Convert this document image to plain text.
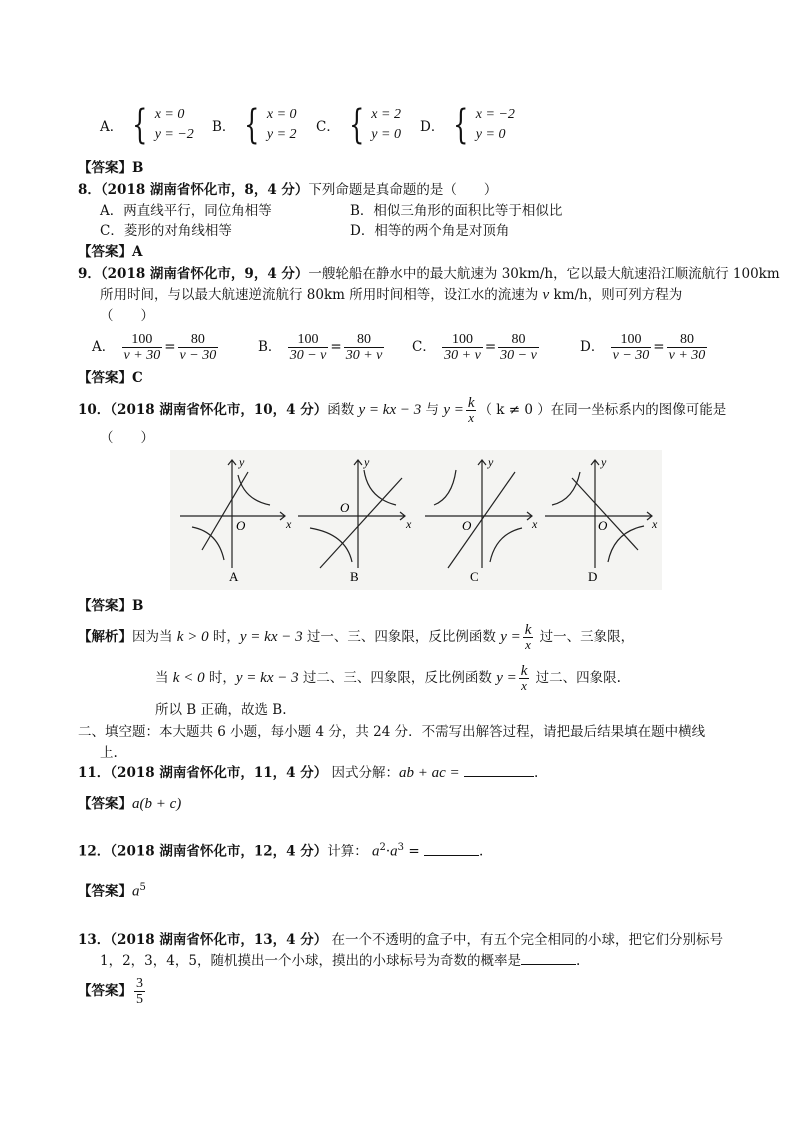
A． { x = 0
y = −2 B． { x = 0
y = 2 C． { x = 2
y = 0 D． { x = −2
y = 0
【答案】B
8．（2018 湖南省怀化市，8，4 分）下列命题是真命题的是（　　）
A．两直线平行，同位角相等	B．相似三角形的面积比等于相似比
C．菱形的对角线相等	D．相等的两个角是对顶角
【答案】A
9．（2018 湖南省怀化市，9，4 分）一艘轮船在静水中的最大航速为 30km/h，它以最大航速沿江顺流航行 100km
所用时间，与以最大航速逆流航行 80km 所用时间相等，设江水的流速为 v km/h，则可列方程为
（　　）
A． $\frac{100}{v + 30} = \frac{80}{v - 30}$	B． $\frac{100}{30 - v} = \frac{80}{30 + v}$ C． $\frac{100}{30 + v} = \frac{80}{30 - v}$	D． $\frac{100}{v - 30} = \frac{80}{v + 30}$
【答案】C
10．（2018 湖南省怀化市，10，4 分）函数 y = kx − 3 与 $y = \frac{k}{x}$ （ k ≠ 0 ）在同一坐标系内的图像可能是
（　　）
x
y
O
A
x
y
O
B
x
y
O
C
x
y
O
D
【答案】B
【解析】因为当 k > 0 时，y = kx − 3 过一、三、四象限，反比例函数 $y = \frac{k}{x}$ 过一、三象限，
当 k < 0 时，y = kx − 3 过二、三、四象限，反比例函数 $y = \frac{k}{x}$ 过二、四象限.
所以 B 正确，故选 B.
二、填空题：本大题共 6 小题，每小题 4 分，共 24 分．不需写出解答过程，请把最后结果填在题中横线
上.
11．（2018 湖南省怀化市，11，4 分） 因式分解：ab + ac =	.
【答案】a(b + c)
12．（2018 湖南省怀化市，12，4 分）计算： $a^2\cdot a^3$ =	.
【答案】$a^5$
13．（2018 湖南省怀化市，13，4 分） 在一个不透明的盒子中，有五个完全相同的小球，把它们分别标号
1，2，3，4，5，随机摸出一个小球，摸出的小球标号为奇数的概率是	.
【答案】 $\frac{3}{5}$
